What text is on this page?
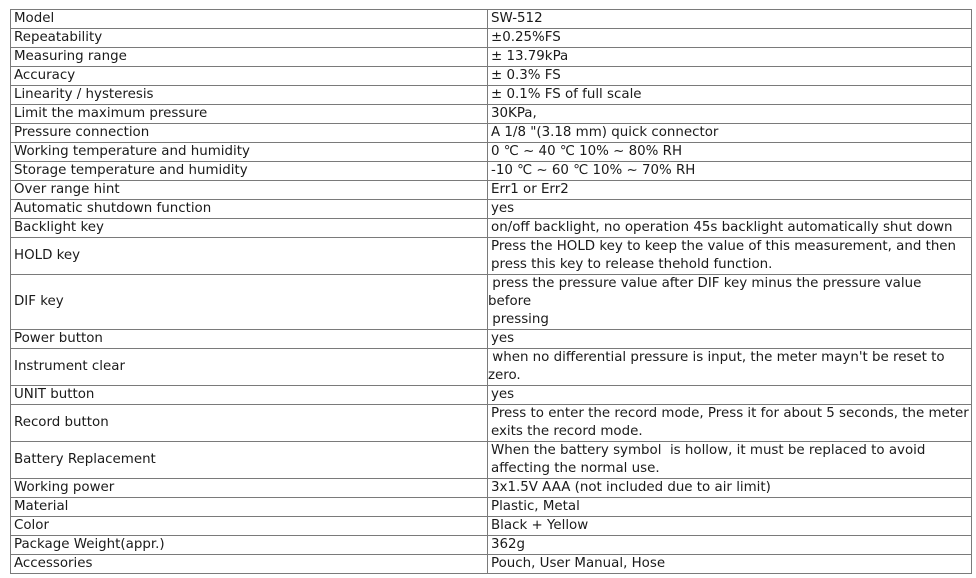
Model	SW-512
Repeatability	±0.25%FS
Measuring range	± 13.79kPa
Accuracy	± 0.3% FS
Linearity / hysteresis	± 0.1% FS of full scale
Limit the maximum pressure	30KPa,
Pressure connection	A 1/8 "(3.18 mm) quick connector
Working temperature and humidity	0 ℃ ~ 40 ℃ 10% ~ 80% RH
Storage temperature and humidity	-10 ℃ ~ 60 ℃ 10% ~ 70% RH
Over range hint	Err1 or Err2
Automatic shutdown function	yes
Backlight key	on/off backlight, no operation 45s backlight automatically shut down
HOLD key	Press the HOLD key to keep the value of this measurement, and then press this key to release thehold function.
DIF key	press the pressure value after DIF key minus the pressure value
before
pressing
Power button	yes
Instrument clear	when no differential pressure is input, the meter mayn't be reset to
zero.
UNIT button	yes
Record button	Press to enter the record mode, Press it for about 5 seconds, the meter exits the record mode.
Battery Replacement	When the battery symbol  is hollow, it must be replaced to avoid affecting the normal use.
Working power	3x1.5V AAA (not included due to air limit)
Material	Plastic, Metal
Color	Black + Yellow
Package Weight(appr.)	362g
Accessories	Pouch, User Manual, Hose
